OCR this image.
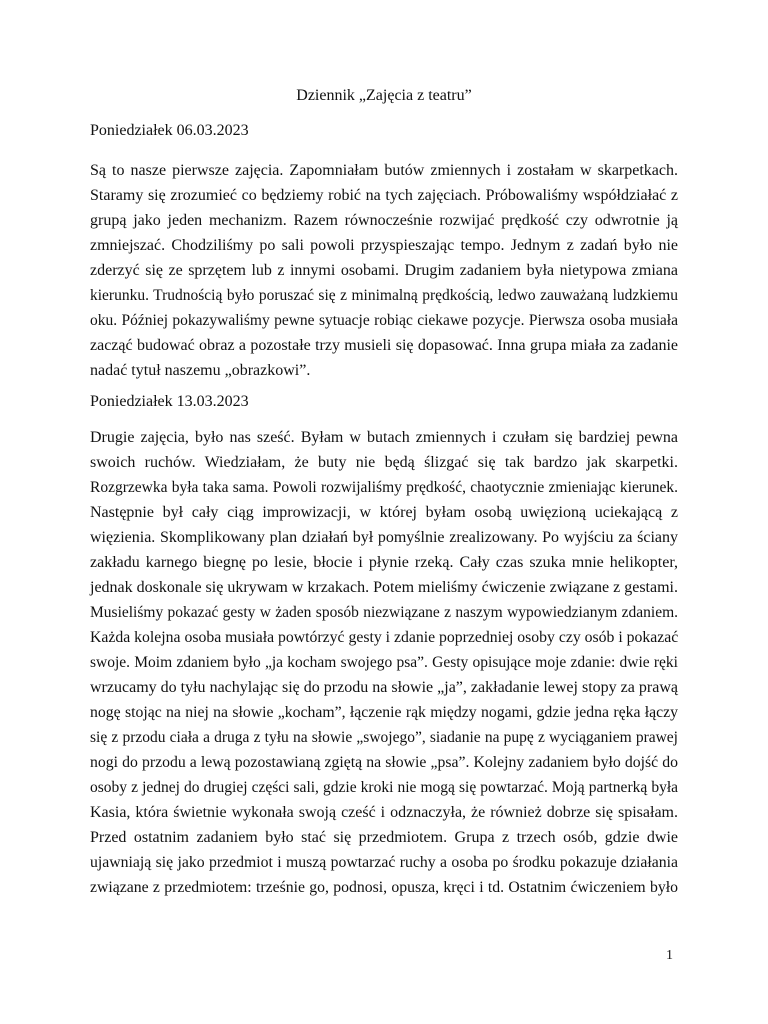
Dziennik „Zajęcia z teatru”
Poniedziałek 06.03.2023
Są to nasze pierwsze zajęcia. Zapomniałam butów zmiennych i zostałam w skarpetkach.
Staramy się zrozumieć co będziemy robić na tych zajęciach. Próbowaliśmy współdziałać z
grupą jako jeden mechanizm. Razem równocześnie rozwijać prędkość czy odwrotnie ją
zmniejszać. Chodziliśmy po sali powoli przyspieszając tempo. Jednym z zadań było nie
zderzyć się ze sprzętem lub z innymi osobami. Drugim zadaniem była nietypowa zmiana
kierunku. Trudnością było poruszać się z minimalną prędkością, ledwo zauważaną ludzkiemu
oku. Później pokazywaliśmy pewne sytuacje robiąc ciekawe pozycje. Pierwsza osoba musiała
zacząć budować obraz a pozostałe trzy musieli się dopasować. Inna grupa miała za zadanie
nadać tytuł naszemu „obrazkowi”.
Poniedziałek 13.03.2023
Drugie zajęcia, było nas sześć. Byłam w butach zmiennych i czułam się bardziej pewna
swoich ruchów. Wiedziałam, że buty nie będą ślizgać się tak bardzo jak skarpetki.
Rozgrzewka była taka sama. Powoli rozwijaliśmy prędkość, chaotycznie zmieniając kierunek.
Następnie był cały ciąg improwizacji, w której byłam osobą uwięzioną uciekającą z
więzienia. Skomplikowany plan działań był pomyślnie zrealizowany. Po wyjściu za ściany
zakładu karnego biegnę po lesie, błocie i płynie rzeką. Cały czas szuka mnie helikopter,
jednak doskonale się ukrywam w krzakach. Potem mieliśmy ćwiczenie związane z gestami.
Musieliśmy pokazać gesty w żaden sposób niezwiązane z naszym wypowiedzianym zdaniem.
Każda kolejna osoba musiała powtórzyć gesty i zdanie poprzedniej osoby czy osób i pokazać
swoje. Moim zdaniem było „ja kocham swojego psa”. Gesty opisujące moje zdanie: dwie ręki
wrzucamy do tyłu nachylając się do przodu na słowie „ja”, zakładanie lewej stopy za prawą
nogę stojąc na niej na słowie „kocham”, łączenie rąk między nogami, gdzie jedna ręka łączy
się z przodu ciała a druga z tyłu na słowie „swojego”, siadanie na pupę z wyciąganiem prawej
nogi do przodu a lewą pozostawianą zgiętą na słowie „psa”. Kolejny zadaniem było dojść do
osoby z jednej do drugiej części sali, gdzie kroki nie mogą się powtarzać. Moją partnerką była
Kasia, która świetnie wykonała swoją cześć i odznaczyła, że również dobrze się spisałam.
Przed ostatnim zadaniem było stać się przedmiotem. Grupa z trzech osób, gdzie dwie
ujawniają się jako przedmiot i muszą powtarzać ruchy a osoba po środku pokazuje działania
związane z przedmiotem: trześnie go, podnosi, opusza, kręci i td. Ostatnim ćwiczeniem było
1
